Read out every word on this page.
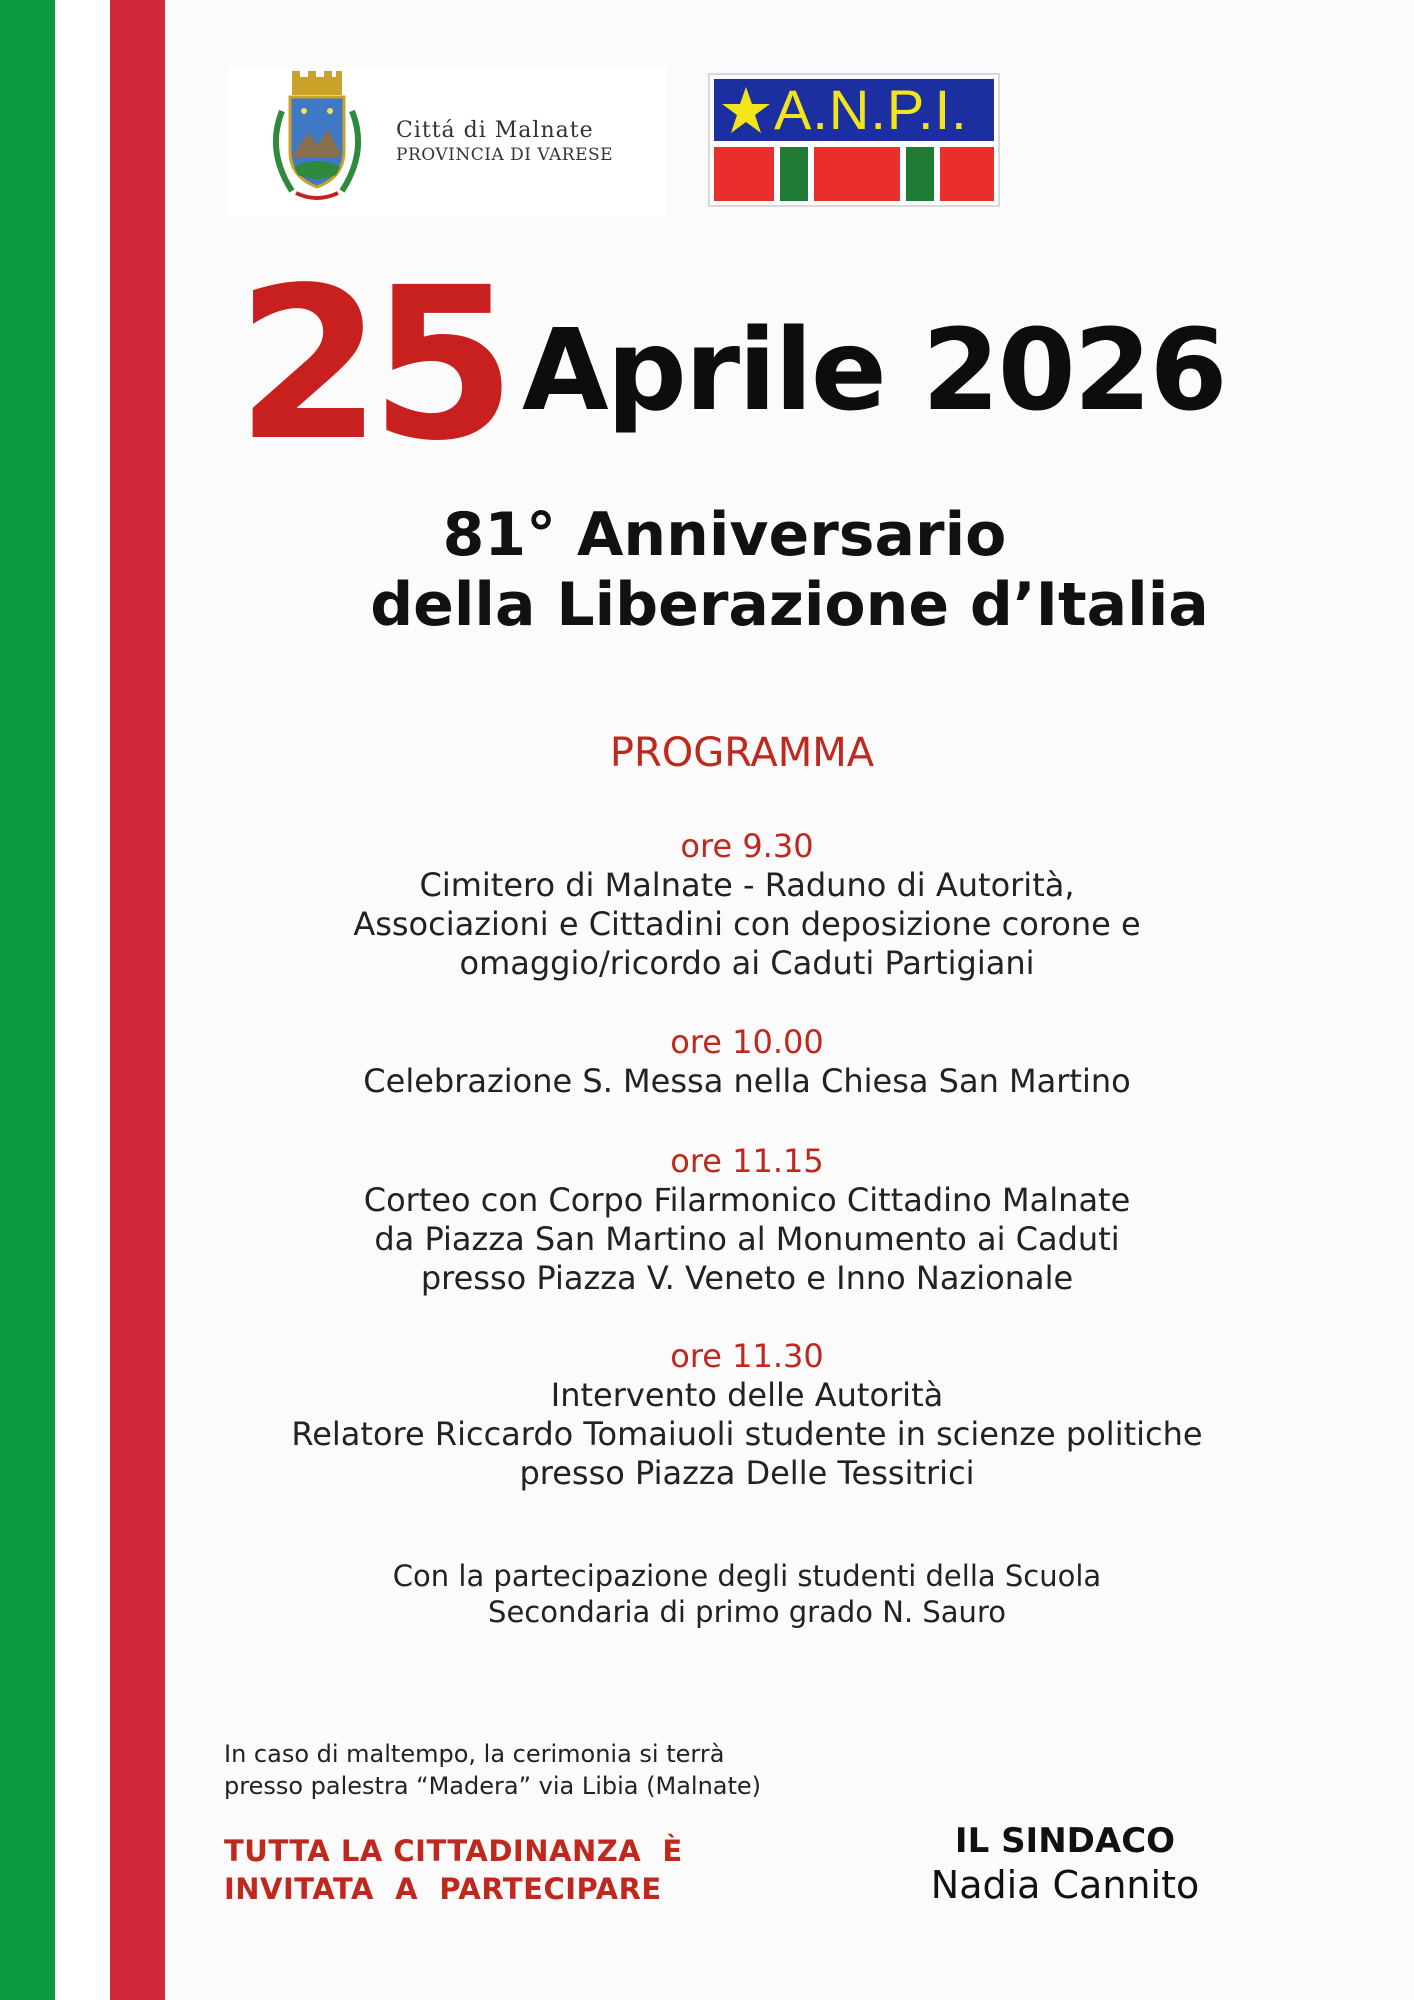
Cittá di Malnate
PROVINCIA DI VARESE
A.N.P.I.
25 Aprile 2026
81° Anniversario
della Liberazione d’Italia
PROGRAMMA
ore 9.30
Cimitero di Malnate - Raduno di Autorità,
Associazioni e Cittadini con deposizione corone e
omaggio/ricordo ai Caduti Partigiani
ore 10.00
Celebrazione S. Messa nella Chiesa San Martino
ore 11.15
Corteo con Corpo Filarmonico Cittadino Malnate
da Piazza San Martino al Monumento ai Caduti
presso Piazza V. Veneto e Inno Nazionale
ore 11.30
Intervento delle Autorità
Relatore Riccardo Tomaiuoli studente in scienze politiche
presso Piazza Delle Tessitrici
Con la partecipazione degli studenti della Scuola
Secondaria di primo grado N. Sauro
In caso di maltempo, la cerimonia si terrà
presso palestra “Madera” via Libia (Malnate)
TUTTA LA CITTADINANZA  È
INVITATA  A  PARTECIPARE
IL SINDACO
Nadia Cannito
